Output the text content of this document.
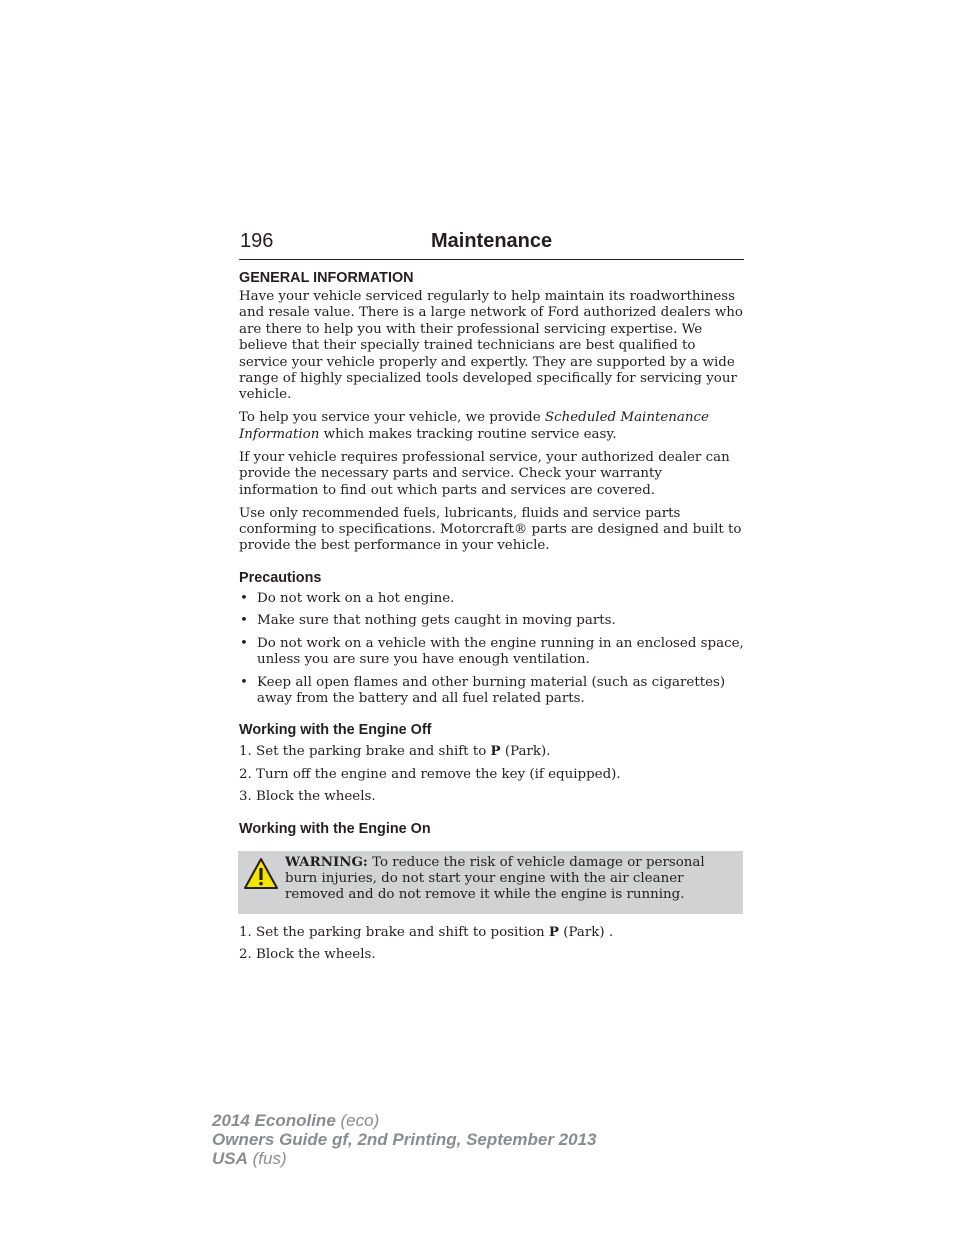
196	Maintenance
GENERAL INFORMATION

Have your vehicle serviced regularly to help maintain its roadworthiness and resale value. There is a large network of Ford authorized dealers who are there to help you with their professional servicing expertise. We believe that their specially trained technicians are best qualified to service your vehicle properly and expertly. They are supported by a wide range of highly specialized tools developed specifically for servicing your vehicle.

To help you service your vehicle, we provide Scheduled Maintenance Information which makes tracking routine service easy.

If your vehicle requires professional service, your authorized dealer can provide the necessary parts and service. Check your warranty information to find out which parts and services are covered.

Use only recommended fuels, lubricants, fluids and service parts conforming to specifications. Motorcraft® parts are designed and built to provide the best performance in your vehicle.

Precautions
• Do not work on a hot engine.
• Make sure that nothing gets caught in moving parts.
• Do not work on a vehicle with the engine running in an enclosed space, unless you are sure you have enough ventilation.
• Keep all open flames and other burning material (such as cigarettes) away from the battery and all fuel related parts.
Working with the Engine Off
1. Set the parking brake and shift to P (Park).
2. Turn off the engine and remove the key (if equipped).
3. Block the wheels.
Working with the Engine On
WARNING: To reduce the risk of vehicle damage or personal burn injuries, do not start your engine with the air cleaner removed and do not remove it while the engine is running.
1. Set the parking brake and shift to position P (Park) .
2. Block the wheels.
2014 Econoline (eco)
Owners Guide gf, 2nd Printing, September 2013
USA (fus)
